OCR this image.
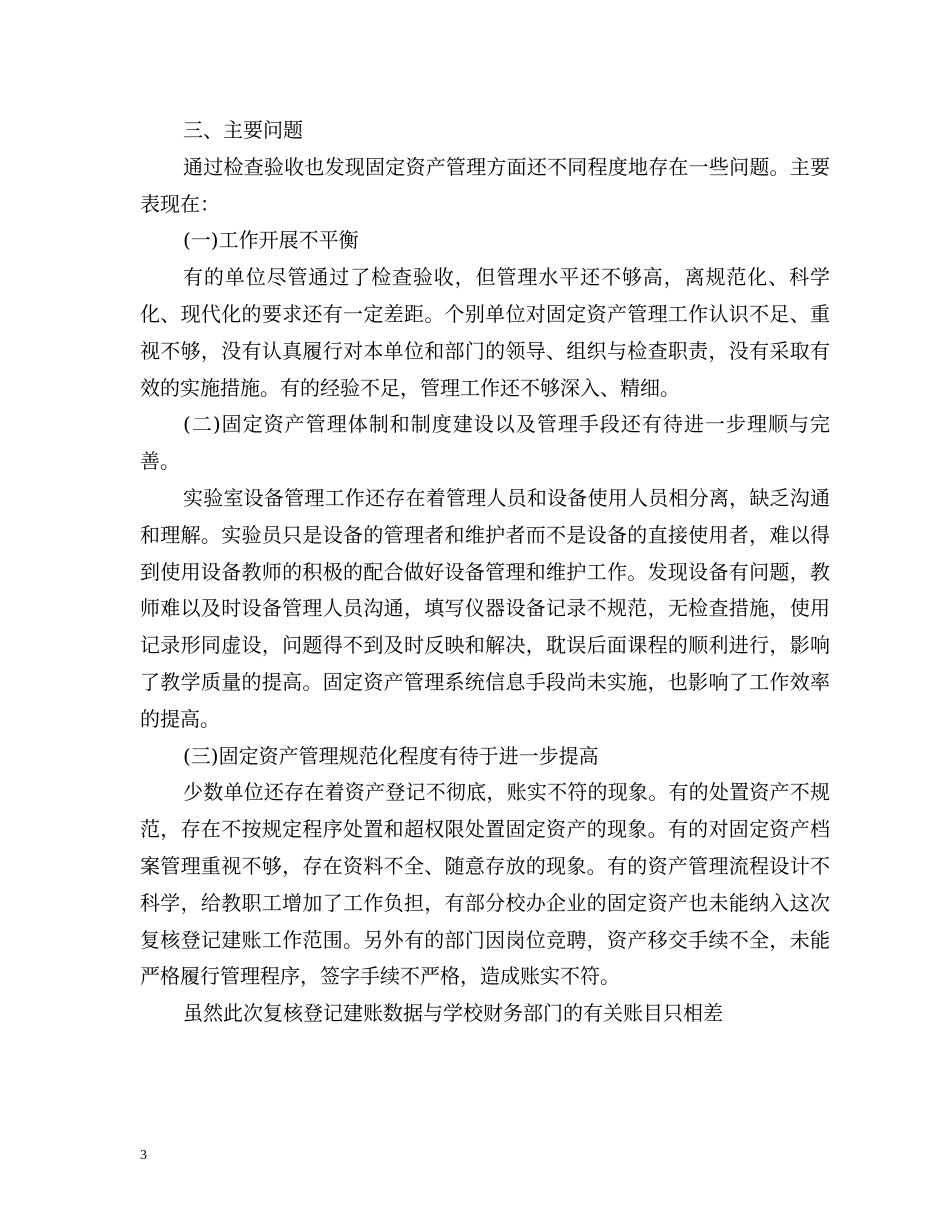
三、主要问题

通过检查验收也发现固定资产管理方面还不同程度地存在一些问题。主要表现在：

(一)工作开展不平衡

有的单位尽管通过了检查验收，但管理水平还不够高，离规范化、科学化、现代化的要求还有一定差距。个别单位对固定资产管理工作认识不足、重视不够，没有认真履行对本单位和部门的领导、组织与检查职责，没有采取有效的实施措施。有的经验不足，管理工作还不够深入、精细。

(二)固定资产管理体制和制度建设以及管理手段还有待进一步理顺与完善。

实验室设备管理工作还存在着管理人员和设备使用人员相分离，缺乏沟通和理解。实验员只是设备的管理者和维护者而不是设备的直接使用者，难以得到使用设备教师的积极的配合做好设备管理和维护工作。发现设备有问题，教师难以及时设备管理人员沟通，填写仪器设备记录不规范，无检查措施，使用记录形同虚设，问题得不到及时反映和解决，耽误后面课程的顺利进行，影响了教学质量的提高。固定资产管理系统信息手段尚未实施，也影响了工作效率的提高。

(三)固定资产管理规范化程度有待于进一步提高

少数单位还存在着资产登记不彻底，账实不符的现象。有的处置资产不规范，存在不按规定程序处置和超权限处置固定资产的现象。有的对固定资产档案管理重视不够，存在资料不全、随意存放的现象。有的资产管理流程设计不科学，给教职工增加了工作负担，有部分校办企业的固定资产也未能纳入这次复核登记建账工作范围。另外有的部门因岗位竞聘，资产移交手续不全，未能严格履行管理程序，签字手续不严格，造成账实不符。

虽然此次复核登记建账数据与学校财务部门的有关账目只相差

3
